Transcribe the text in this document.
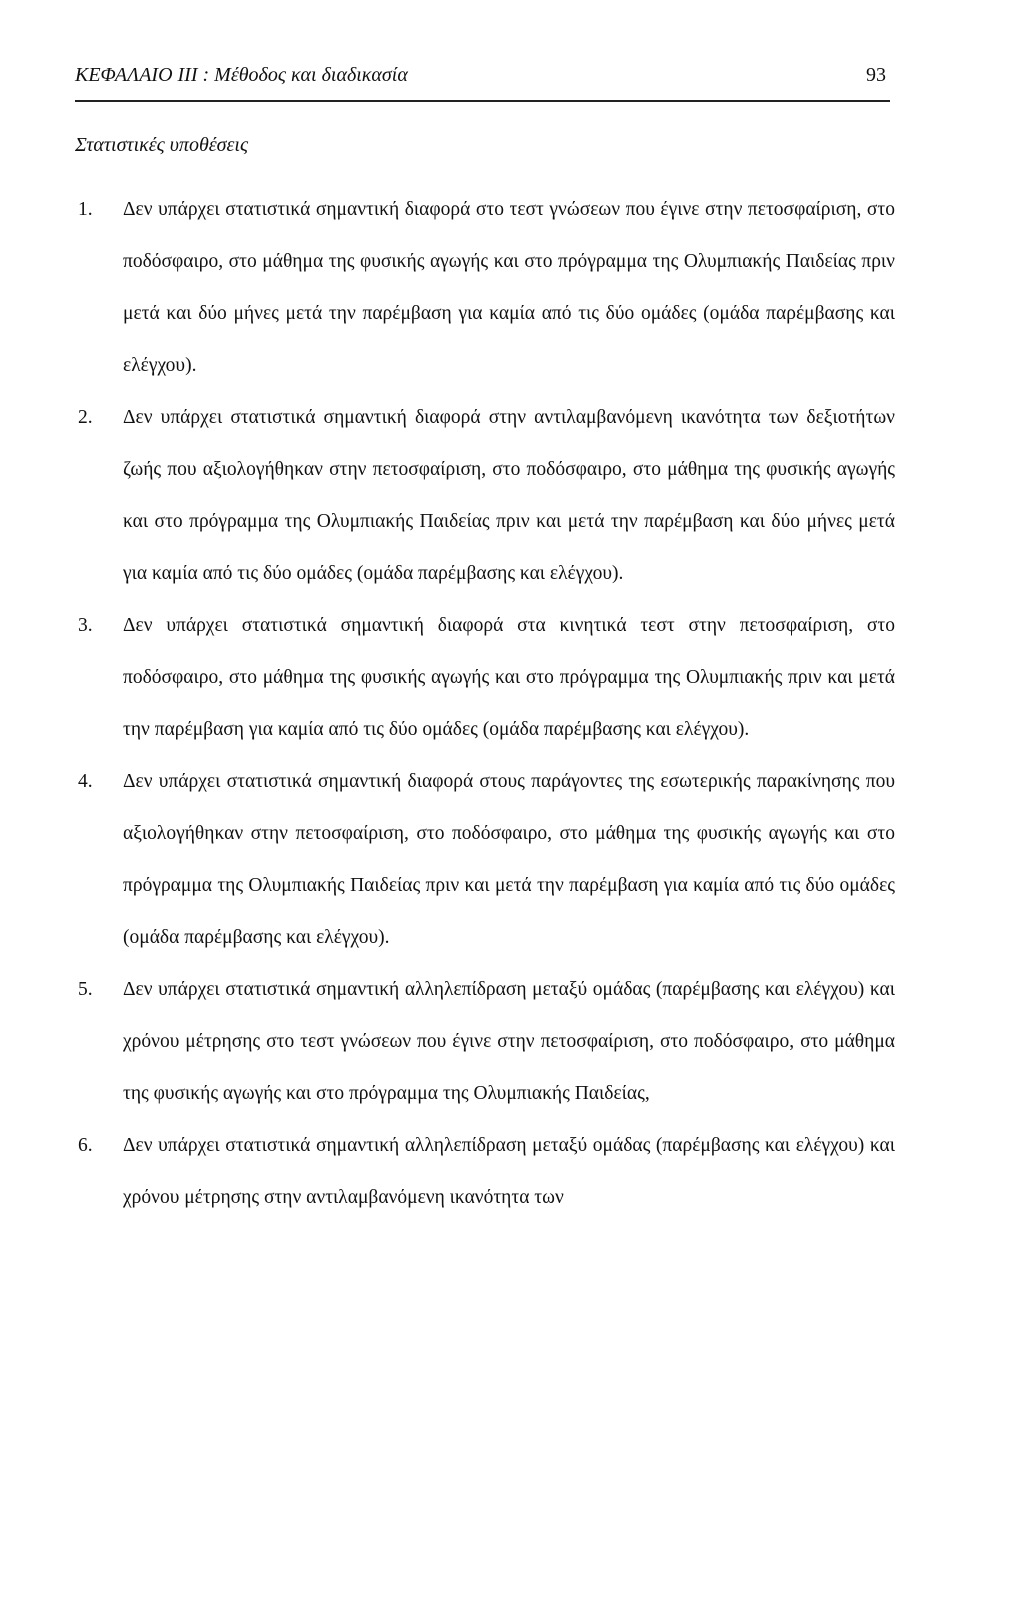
ΚΕΦΑΛΑΙΟ ΙΙΙ : Μέθοδος και διαδικασία	93
Στατιστικές υποθέσεις
1. Δεν υπάρχει στατιστικά σημαντική διαφορά στο τεστ γνώσεων που έγινε στην πετοσφαίριση, στο ποδόσφαιρο, στο μάθημα της φυσικής αγωγής και στο πρόγραμμα της Ολυμπιακής Παιδείας πριν μετά και δύο μήνες μετά την παρέμβαση για καμία από τις δύο ομάδες (ομάδα παρέμβασης και ελέγχου).
2. Δεν υπάρχει στατιστικά σημαντική διαφορά στην αντιλαμβανόμενη ικανότητα των δεξιοτήτων ζωής που αξιολογήθηκαν στην πετοσφαίριση, στο ποδόσφαιρο, στο μάθημα της φυσικής αγωγής και στο πρόγραμμα της Ολυμπιακής Παιδείας πριν και μετά την παρέμβαση και δύο μήνες μετά για καμία από τις δύο ομάδες (ομάδα παρέμβασης και ελέγχου).
3. Δεν υπάρχει στατιστικά σημαντική διαφορά στα κινητικά τεστ στην πετοσφαίριση, στο ποδόσφαιρο, στο μάθημα της φυσικής αγωγής και στο πρόγραμμα της Ολυμπιακής πριν και μετά την παρέμβαση για καμία από τις δύο ομάδες (ομάδα παρέμβασης και ελέγχου).
4. Δεν υπάρχει στατιστικά σημαντική διαφορά στους παράγοντες της εσωτερικής παρακίνησης που αξιολογήθηκαν στην πετοσφαίριση, στο ποδόσφαιρο, στο μάθημα της φυσικής αγωγής και στο πρόγραμμα της Ολυμπιακής Παιδείας πριν και μετά την παρέμβαση για καμία από τις δύο ομάδες (ομάδα παρέμβασης και ελέγχου).
5. Δεν υπάρχει στατιστικά σημαντική αλληλεπίδραση μεταξύ ομάδας (παρέμβασης και ελέγχου) και χρόνου μέτρησης στο τεστ γνώσεων που έγινε στην πετοσφαίριση, στο ποδόσφαιρο, στο μάθημα της φυσικής αγωγής και στο πρόγραμμα της Ολυμπιακής Παιδείας,
6. Δεν υπάρχει στατιστικά σημαντική αλληλεπίδραση μεταξύ ομάδας (παρέμβασης και ελέγχου) και χρόνου μέτρησης στην αντιλαμβανόμενη ικανότητα των
